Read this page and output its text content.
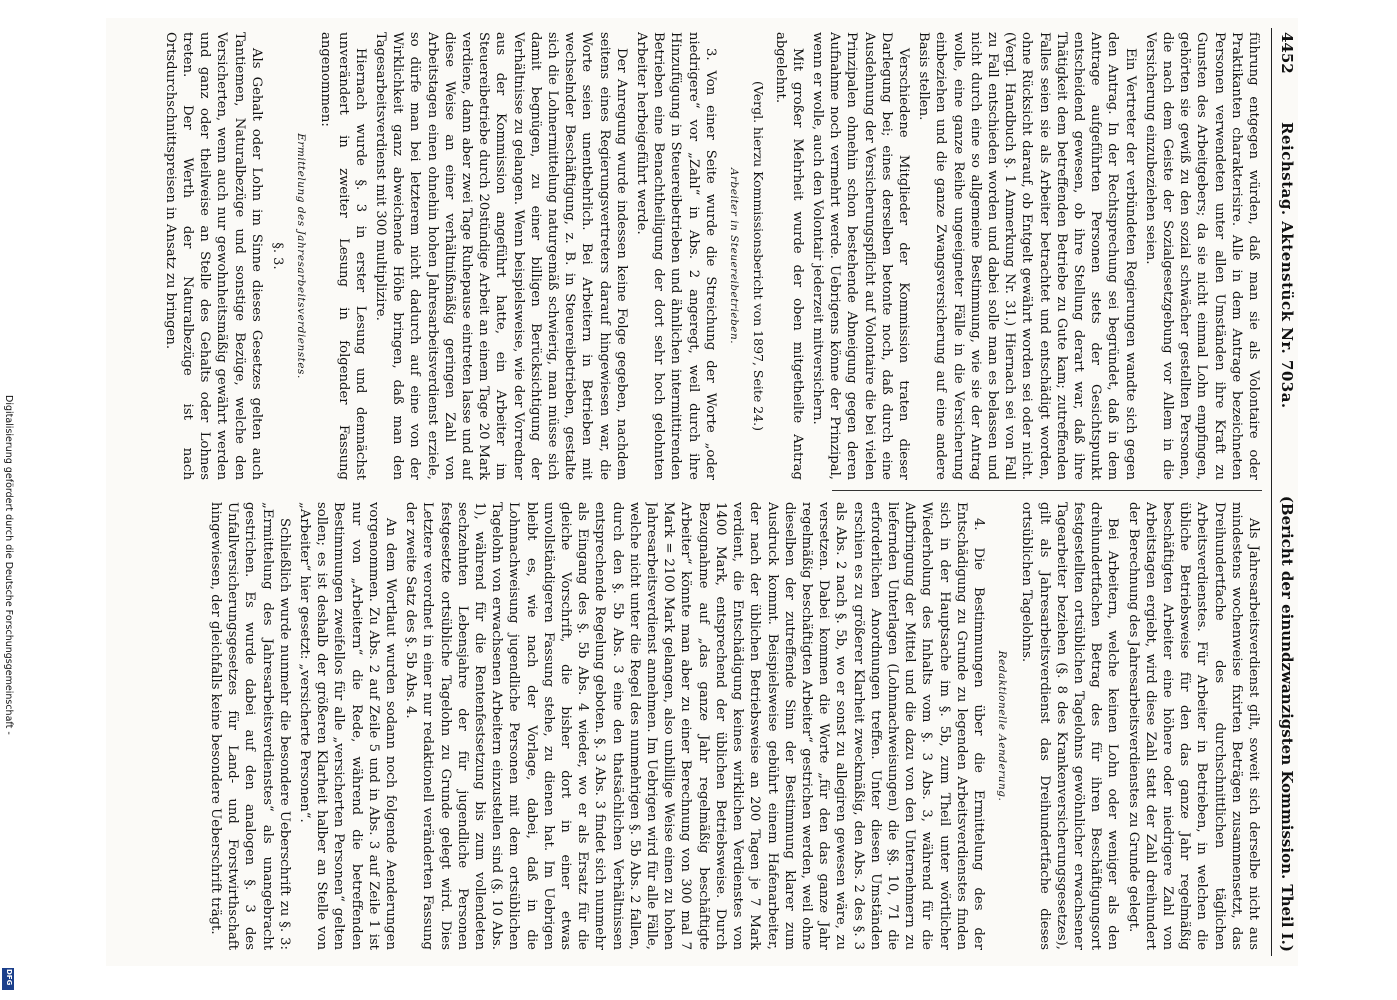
Digitalisierung gefördert durch die Deutsche Forschungsgemeinschaft -
DFG
4452
Reichstag. Aktenstück Nr. 703a.
(Bericht der einundzwanzigsten Kommission. Theil I.)

führung entgegen würden, daß man sie als Volontaire oder Praktikanten charakterisire. Alle in dem Antrage bezeichneten Personen verwendeten unter allen Umständen ihre Kraft zu Gunsten des Arbeitgebers; da sie nicht einmal Lohn empfingen, gehörten sie gewiß zu den sozial schwächer gestellten Personen, die nach dem Geiste der Sozialgesetzgebung vor Allem in die Versicherung einzubeziehen seien.

Ein Vertreter der verbündeten Regierungen wandte sich gegen den Antrag. In der Rechtsprechung sei begründet, daß in dem Antrage aufgeführten Personen stets der Gesichtspunkt entscheidend gewesen, ob ihre Stellung derart war, daß ihre Thätigkeit dem betreffenden Betriebe zu Gute kam; zutreffenden Falles seien sie als Arbeiter betrachtet und entschädigt worden, ohne Rücksicht darauf, ob Entgelt gewährt worden sei oder nicht. (Vergl. Handbuch §. 1 Anmerkung Nr. 31.) Hiernach sei von Fall zu Fall entschieden worden und dabei solle man es belassen und nicht durch eine so allgemeine Bestimmung, wie sie der Antrag wolle, eine ganze Reihe ungeeigneter Fälle in die Versicherung einbeziehen und die ganze Zwangsversicherung auf eine andere Basis stellen.

Verschiedene Mitglieder der Kommission traten dieser Darlegung bei; eines derselben betonte noch, daß durch eine Ausdehnung der Versicherungspflicht auf Volontaire die bei vielen Prinzipalen ohnehin schon bestehende Abneigung gegen deren Aufnahme noch vermehrt werde. Uebrigens könne der Prinzipal, wenn er wolle, auch den Volontair jederzeit mitversichern.

Mit großer Mehrheit wurde der oben mitgetheilte Antrag abgelehnt.

(Vergl. hierzu Kommissionsbericht von 1897, Seite 24.)

Arbeiter in Steuereibetrieben.

3. Von einer Seite wurde die Streichung der Worte „oder niedrigere“ vor „Zahl“ in Abs. 2 angeregt, weil durch ihre Hinzufügung in Steuereibetrieben und ähnlichen intermittirenden Betrieben eine Benachtheiligung der dort sehr hoch gelohnten Arbeiter herbeigeführt werde.

Der Anregung wurde indessen keine Folge gegeben, nachdem seitens eines Regierungsvertreters darauf hingewiesen war, die Worte seien unentbehrlich. Bei Arbeitern in Betrieben mit wechselnder Beschäftigung, z. B. in Steuereibetrieben, gestalte sich die Lohnermittelung naturgemäß schwierig, man müsse sich damit begnügen, zu einer billigen Berücksichtigung der Verhältnisse zu gelangen. Wenn beispielsweise, wie der Vorredner aus der Kommission angeführt hatte, ein Arbeiter im Steuereibetriebe durch 20stündige Arbeit an einem Tage 20 Mark verdiene, dann aber zwei Tage Ruhepause eintreten lasse und auf diese Weise an einer verhältnißmäßig geringen Zahl von Arbeitstagen einen ohnehin hohen Jahresarbeitsverdienst erziele, so dürfe man bei letzterem nicht dadurch auf eine von der Wirklichkeit ganz abweichende Höhe bringen, daß man den Tagesarbeitsverdienst mit 300 multiplizire.

Hiernach wurde §. 3 in erster Lesung und demnächst unverändert in zweiter Lesung in folgender Fassung angenommen:

Ermittelung des Jahresarbeitsverdienstes.

§. 3.

Als Gehalt oder Lohn im Sinne dieses Gesetzes gelten auch Tantiemen, Naturalbezüge und sonstige Bezüge, welche den Versicherten, wenn auch nur gewohnheitsmäßig gewährt werden und ganz oder theilweise an Stelle des Gehalts oder Lohnes treten. Der Werth der Naturalbezüge ist nach Ortsdurchschnittspreisen in Ansatz zu bringen.

Als Jahresarbeitsverdienst gilt, soweit sich derselbe nicht aus mindestens wochenweise fixirten Beträgen zusammensetzt, das Dreihundertfache des durchschnittlichen täglichen Arbeitsverdienstes. Für Arbeiter in Betrieben, in welchen die übliche Betriebsweise für den das ganze Jahr regelmäßig beschäftigten Arbeiter eine höhere oder niedrigere Zahl von Arbeitstagen ergiebt, wird diese Zahl statt der Zahl dreihundert der Berechnung des Jahresarbeitsverdienstes zu Grunde gelegt.

Bei Arbeitern, welche keinen Lohn oder weniger als den dreihundertfachen Betrag des für ihren Beschäftigungsort festgestellten ortsüblichen Tagelohns gewöhnlicher erwachsener Tagearbeiter beziehen (§. 8 des Krankenversicherungsgesetzes), gilt als Jahresarbeitsverdienst das Dreihundertfache dieses ortsüblichen Tagelohns.

Redaktionelle Aenderung.

4. Die Bestimmungen über die Ermittelung des der Entschädigung zu Grunde zu legenden Arbeitsverdienstes finden sich in der Hauptsache im §. 5b, zum Theil unter wörtlicher Wiederholung des Inhalts vom §. 3 Abs. 3, während für die Aufbringung der Mittel und die dazu von den Unternehmern zu liefernden Unterlagen (Lohnnachweisungen) die §§. 10, 71 die erforderlichen Anordnungen treffen. Unter diesen Umständen erschien es zu größerer Klarheit zweckmäßig, den Abs. 2 des §. 3 als Abs. 2 nach §. 5b, wo er sonst zu allegiren gewesen wäre, zu versetzen. Dabei kommen die Worte „für den das ganze Jahr regelmäßig beschäftigten Arbeiter“ gestrichen werden, weil ohne dieselben der zutreffende Sinn der Bestimmung klarer zum Ausdruck kommt. Beispielsweise gebührt einem Hafenarbeiter, der nach der üblichen Betriebsweise an 200 Tagen je 7 Mark verdient, die Entschädigung keines wirklichen Verdienstes von 1400 Mark, entsprechend der üblichen Betriebsweise. Durch Bezugnahme auf „das ganze Jahr regelmäßig beschäftigte Arbeiter“ könnte man aber zu einer Berechnung von 300 mal 7 Mark = 2100 Mark gelangen, also unbillige Weise einen zu hohen Jahresarbeitsverdienst annehmen. Im Uebrigen wird für alle Fälle, welche nicht unter die Regel des nunmehrigen §. 5b Abs. 2 fallen, durch den §. 5b Abs. 3 eine den thatsächlichen Verhältnissen entsprechende Regelung geboten. §. 3 Abs. 3 findet sich nunmehr als Eingang des §. 5b Abs. 4 wieder, wo er als Ersatz für die gleiche Vorschrift, die bisher dort in einer etwas unvollständigeren Fassung stehe, zu dienen hat. Im Uebrigen bleibt es, wie nach der Vorlage, dabei, daß in die Lohnnachweisung jugendliche Personen mit dem ortsüblichen Tagelohn von erwachsenen Arbeitern einzustellen sind (§. 10 Abs. 1), während für die Rentenfestsetzung bis zum vollendeten sechzehnten Lebensjahre der für jugendliche Personen festgesetzte ortsübliche Tagelohn zu Grunde gelegt wird. Dies Letztere verordnet in einer nur redaktionell veränderten Fassung der zweite Satz des §. 5b Abs. 4.

An dem Wortlaut wurden sodann noch folgende Aenderungen vorgenommen. Zu Abs. 2 auf Zeile 5 und in Abs. 3 auf Zeile 1 ist nur von „Arbeitern“ die Rede, während die betreffenden Bestimmungen zweifellos für alle „versicherten Personen“ gelten sollen; es ist deshalb der größeren Klarheit halber an Stelle von „Arbeiter“ hier gesetzt: „versicherte Personen“.

Schließlich wurde nunmehr die besondere Ueberschrift zu §. 3: „Ermittelung des Jahresarbeitsverdienstes“ als unangebracht gestrichen. Es wurde dabei auf den analogen §. 3 des Unfallversicherungsgesetzes für Land- und Forstwirthschaft hingewiesen, der gleichfalls keine besondere Ueberschrift trägt.
